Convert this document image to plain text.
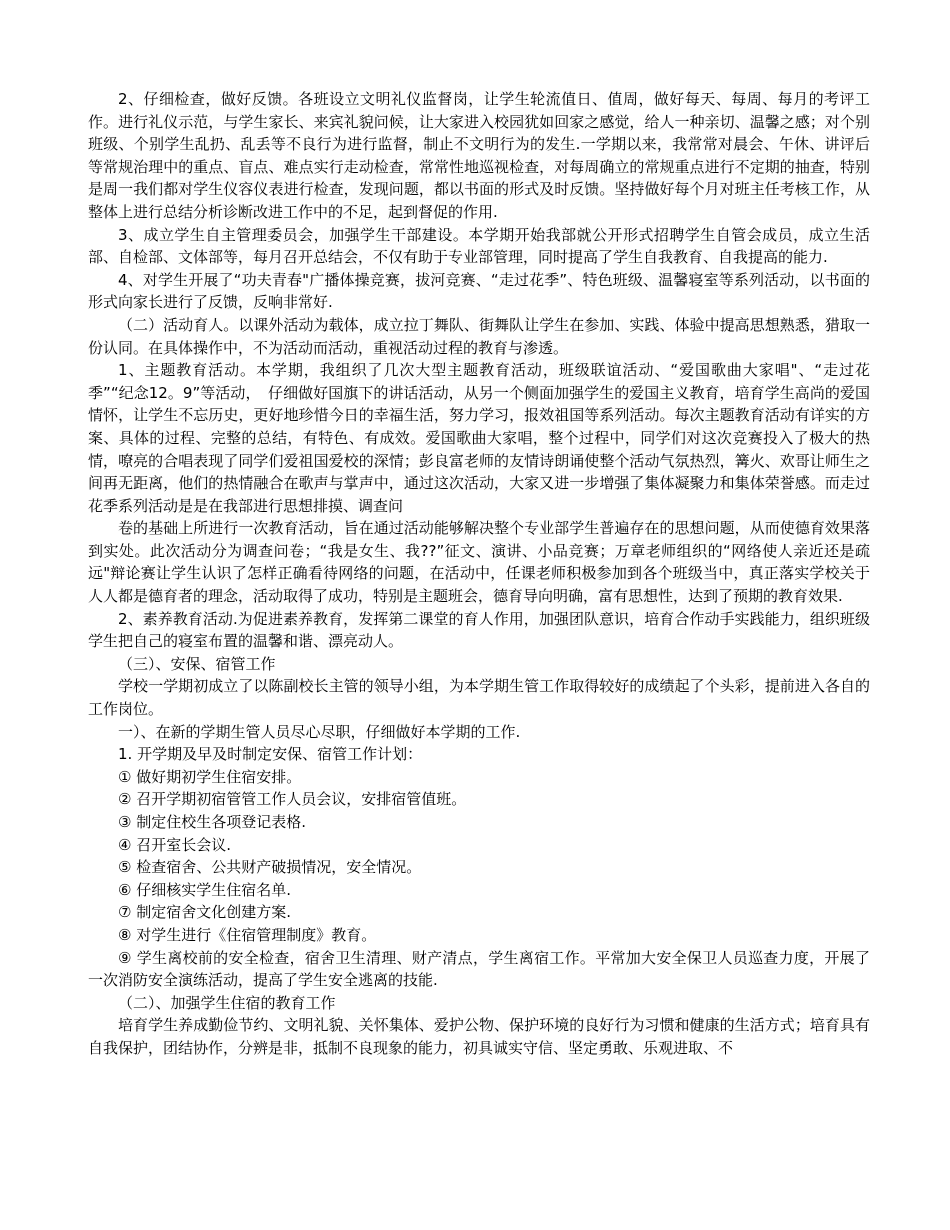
2、仔细检查，做好反馈。各班设立文明礼仪监督岗，让学生轮流值日、值周，做好每天、每周、每月的考评工作。进行礼仪示范，与学生家长、来宾礼貌问候，让大家进入校园犹如回家之感觉，给人一种亲切、温馨之感；对个别班级、个别学生乱扔、乱丢等不良行为进行监督，制止不文明行为的发生.一学期以来，我常常对晨会、午休、讲评后等常规治理中的重点、盲点、难点实行走动检查，常常性地巡视检查，对每周确立的常规重点进行不定期的抽查，特别是周一我们都对学生仪容仪表进行检查，发现问题，都以书面的形式及时反馈。坚持做好每个月对班主任考核工作，从整体上进行总结分析诊断改进工作中的不足，起到督促的作用.

3、成立学生自主管理委员会，加强学生干部建设。本学期开始我部就公开形式招聘学生自管会成员，成立生活部、自检部、文体部等，每月召开总结会，不仅有助于专业部管理，同时提高了学生自我教育、自我提高的能力.

4、对学生开展了“功夫青春"广播体操竞赛，拔河竞赛、“走过花季”、特色班级、温馨寝室等系列活动，以书面的形式向家长进行了反馈，反响非常好.

（二）活动育人。以课外活动为载体，成立拉丁舞队、街舞队让学生在参加、实践、体验中提高思想熟悉，猎取一份认同。在具体操作中，不为活动而活动，重视活动过程的教育与渗透。

1、主题教育活动。本学期，我组织了几次大型主题教育活动，班级联谊活动、“爱国歌曲大家唱"、“走过花季”“纪念12。9”等活动，　仔细做好国旗下的讲话活动，从另一个侧面加强学生的爱国主义教育，培育学生高尚的爱国情怀，让学生不忘历史，更好地珍惜今日的幸福生活，努力学习，报效祖国等系列活动。每次主题教育活动有详实的方案、具体的过程、完整的总结，有特色、有成效。爱国歌曲大家唱，整个过程中，同学们对这次竞赛投入了极大的热情，嘹亮的合唱表现了同学们爱祖国爱校的深情；彭良富老师的友情诗朗诵使整个活动气氛热烈，篝火、欢哥让师生之间再无距离，他们的热情融合在歌声与掌声中，通过这次活动，大家又进一步增强了集体凝聚力和集体荣誉感。而走过花季系列活动是是在我部进行思想排摸、调查问

卷的基础上所进行一次教育活动，旨在通过活动能够解决整个专业部学生普遍存在的思想问题，从而使德育效果落到实处。此次活动分为调查问卷；“我是女生、我??”征文、演讲、小品竞赛；万章老师组织的“网络使人亲近还是疏远"辩论赛让学生认识了怎样正确看待网络的问题，在活动中，任课老师积极参加到各个班级当中，真正落实学校关于人人都是德育者的理念，活动取得了成功，特别是主题班会，德育导向明确，富有思想性，达到了预期的教育效果.

2、素养教育活动.为促进素养教育，发挥第二课堂的育人作用，加强团队意识，培育合作动手实践能力，组织班级学生把自己的寝室布置的温馨和谐、漂亮动人。

（三）、安保、宿管工作

学校一学期初成立了以陈副校长主管的领导小组，为本学期生管工作取得较好的成绩起了个头彩，提前进入各自的工作岗位。

一）、在新的学期生管人员尽心尽职，仔细做好本学期的工作.

1. 开学期及早及时制定安保、宿管工作计划：

① 做好期初学生住宿安排。

② 召开学期初宿管管工作人员会议，安排宿管值班。

③ 制定住校生各项登记表格.

④ 召开室长会议.

⑤ 检查宿舍、公共财产破损情况，安全情况。

⑥ 仔细核实学生住宿名单.

⑦ 制定宿舍文化创建方案.

⑧ 对学生进行《住宿管理制度》教育。

⑨ 学生离校前的安全检查，宿舍卫生清理、财产清点，学生离宿工作。平常加大安全保卫人员巡查力度，开展了一次消防安全演练活动，提高了学生安全逃离的技能.

（二）、加强学生住宿的教育工作

培育学生养成勤俭节约、文明礼貌、关怀集体、爱护公物、保护环境的良好行为习惯和健康的生活方式；培育具有自我保护，团结协作，分辨是非，抵制不良现象的能力，初具诚实守信、坚定勇敢、乐观进取、不
